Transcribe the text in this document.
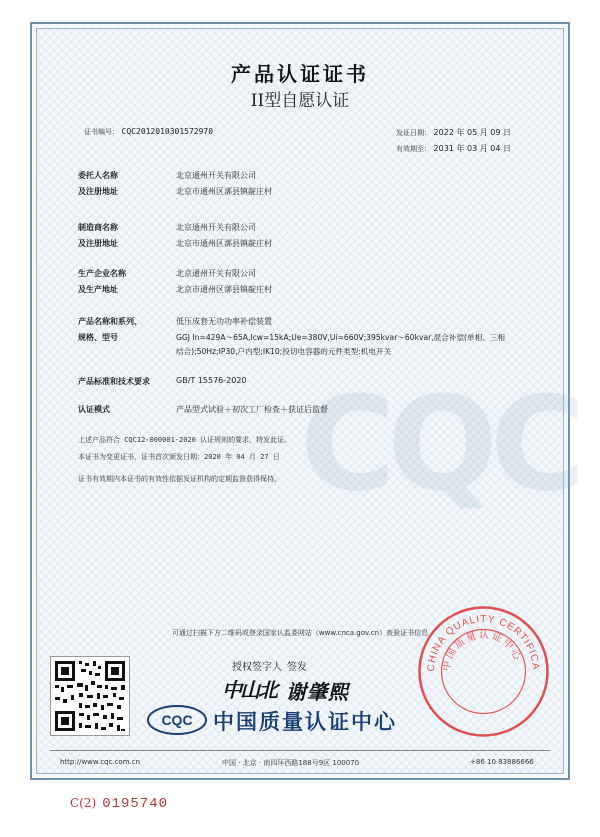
CQC
产品认证证书
II型自愿认证
证书编号： CQC2012010301572970	发证日期： 2022 年 05 月 09 日
有效期至： 2031 年 03 月 04 日
委托人名称	北京通州开关有限公司
及注册地址	北京市通州区漷县镇靛庄村
制造商名称	北京通州开关有限公司
及注册地址	北京市通州区漷县镇靛庄村
生产企业名称	北京通州开关有限公司
及生产地址	北京市通州区漷县镇靛庄村
产品名称和系列、	低压成套无功功率补偿装置
规格、型号	GGJ In=429A～65A,Icw=15kA;Ue=380V,Ui=660V;395kvar～60kvar,混合补偿(单相、三相
结合);50Hz;IP30,户内型;IK10;投切电容器的元件类型:机电开关
产品标准和技术要求	GB/T 15576-2020
认证模式	产品型式试验＋初次工厂检查＋获证后监督
上述产品符合 CQC12-000001-2020 认证规则的要求，特发此证。
本证书为变更证书，证书首次颁发日期：2020 年 04 月 27 日
证书有效期内本证书的有效性依据发证机构的定期监督获得保持。
可通过扫描下方二维码或登录国家认监委网站（www.cnca.gov.cn）查验证书信息
授权签字人 签发
中山北 谢肇熙
CQC 中国质量认证中心
CHINA QUALITY CERTIFICA
中国质量认证中心
http://www.cqc.com.cn	中国 · 北京 · 南四环西路188号9区 100070	+86 10 83886666
C(2) 0195740
